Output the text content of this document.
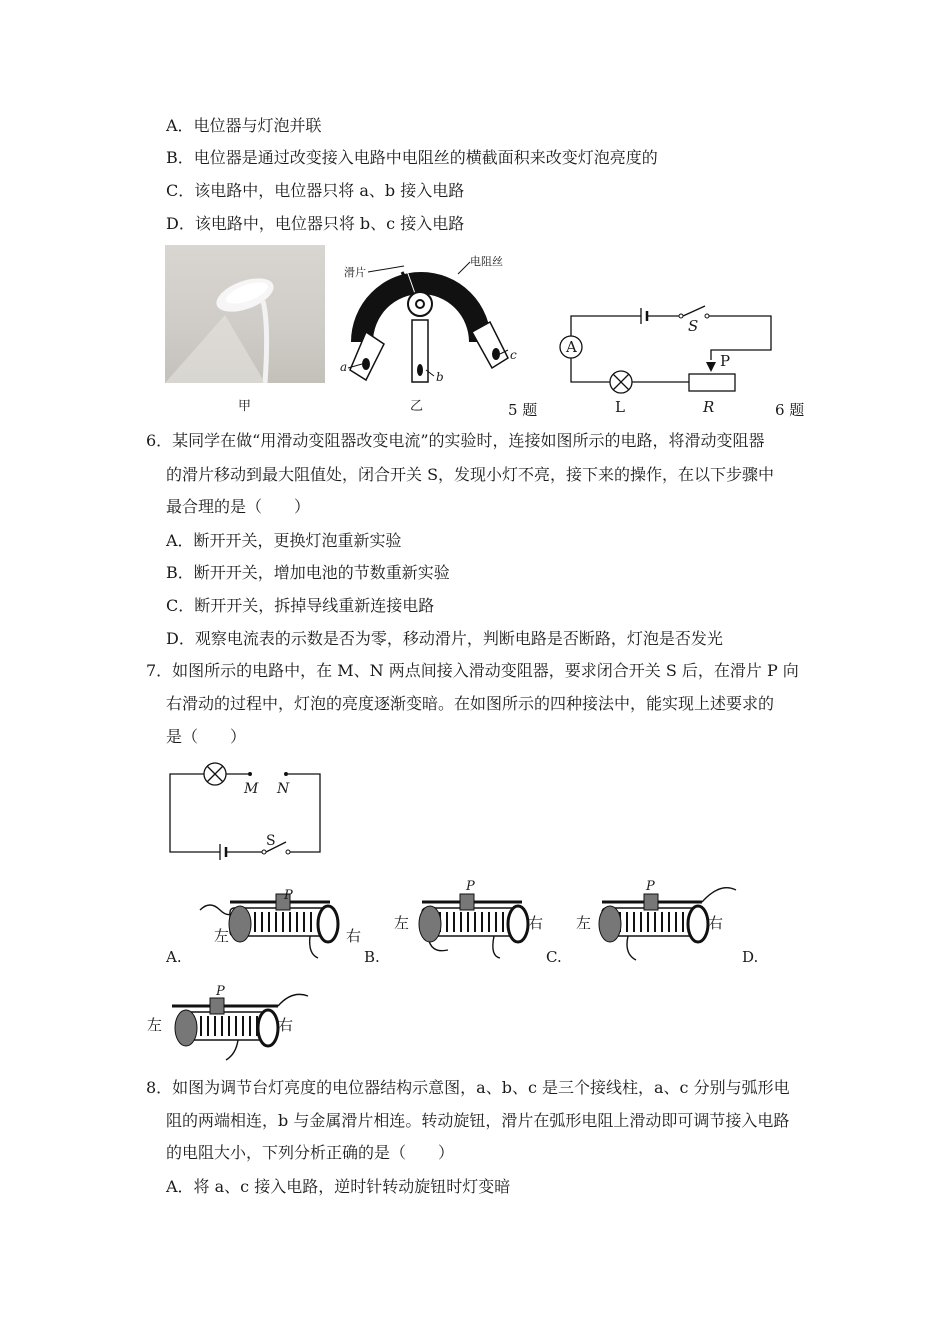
A．电位器与灯泡并联
B．电位器是通过改变接入电路中电阻丝的横截面积来改变灯泡亮度的
C．该电路中，电位器只将 a、b 接入电路
D．该电路中，电位器只将 b、c 接入电路
甲
滑片
电阻丝
a
b
c
乙	5 题
A
S
P
L	R	6 题
6．某同学在做“用滑动变阻器改变电流”的实验时，连接如图所示的电路，将滑动变阻器
的滑片移动到最大阻值处，闭合开关 S，发现小灯不亮，接下来的操作，在以下步骤中
最合理的是（　　）
A．断开开关，更换灯泡重新实验
B．断开开关，增加电池的节数重新实验
C．断开开关，拆掉导线重新连接电路
D．观察电流表的示数是否为零，移动滑片，判断电路是否断路，灯泡是否发光
7．如图所示的电路中，在 M、N 两点间接入滑动变阻器，要求闭合开关 S 后，在滑片 P 向
右滑动的过程中，灯泡的亮度逐渐变暗。在如图所示的四种接法中，能实现上述要求的
是（　　）
M N
S
P
左	右
A.
P
左	右
B.
P
左	右
C.	D.
P
左	右
8．如图为调节台灯亮度的电位器结构示意图，a、b、c 是三个接线柱，a、c 分别与弧形电
阻的两端相连，b 与金属滑片相连。转动旋钮，滑片在弧形电阻上滑动即可调节接入电路
的电阻大小，下列分析正确的是（　　）
A．将 a、c 接入电路，逆时针转动旋钮时灯变暗
